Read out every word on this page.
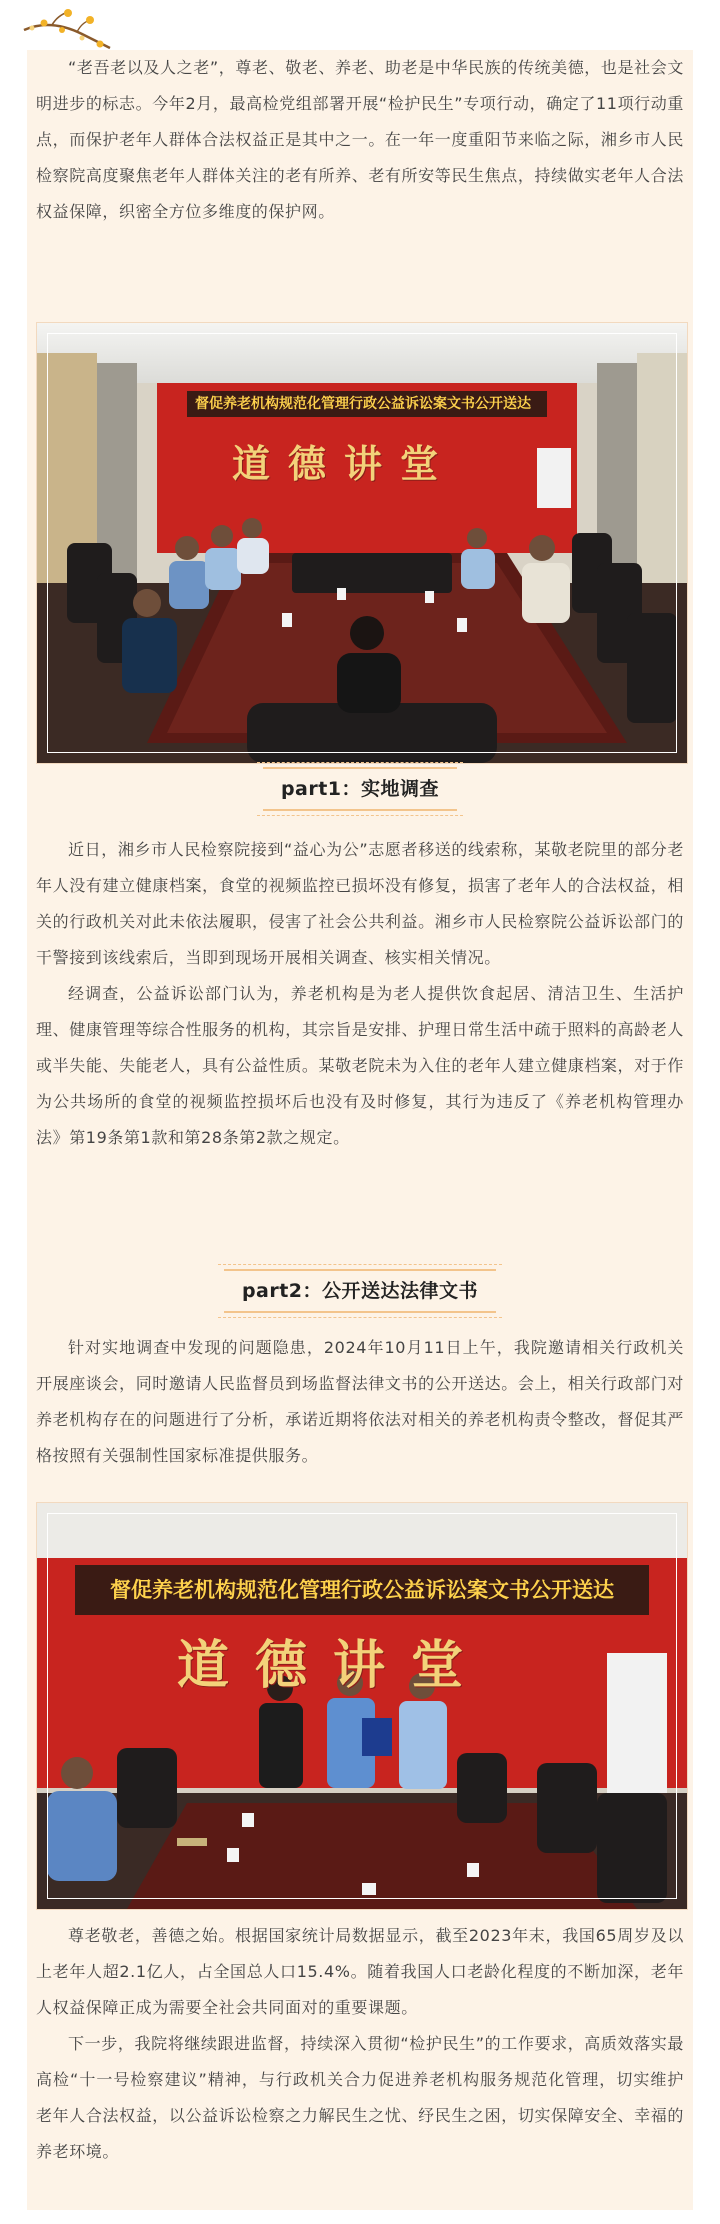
“老吾老以及人之老”，尊老、敬老、养老、助老是中华民族的传统美德，也是社会文明进步的标志。今年2月，最高检党组部署开展“检护民生”专项行动，确定了11项行动重点，而保护老年人群体合法权益正是其中之一。在一年一度重阳节来临之际，湘乡市人民检察院高度聚焦老年人群体关注的老有所养、老有所安等民生焦点，持续做实老年人合法权益保障，织密全方位多维度的保护网。

督促养老机构规范化管理行政公益诉讼案文书公开送达
道德讲堂
part1：实地调查

近日，湘乡市人民检察院接到“益心为公”志愿者移送的线索称，某敬老院里的部分老年人没有建立健康档案，食堂的视频监控已损坏没有修复，损害了老年人的合法权益，相关的行政机关对此未依法履职，侵害了社会公共利益。湘乡市人民检察院公益诉讼部门的干警接到该线索后，当即到现场开展相关调查、核实相关情况。

经调查，公益诉讼部门认为，养老机构是为老人提供饮食起居、清洁卫生、生活护理、健康管理等综合性服务的机构，其宗旨是安排、护理日常生活中疏于照料的高龄老人或半失能、失能老人，具有公益性质。某敬老院未为入住的老年人建立健康档案，对于作为公共场所的食堂的视频监控损坏后也没有及时修复，其行为违反了《养老机构管理办法》第19条第1款和第28条第2款之规定。

part2：公开送达法律文书

针对实地调查中发现的问题隐患，2024年10月11日上午，我院邀请相关行政机关开展座谈会，同时邀请人民监督员到场监督法律文书的公开送达。会上，相关行政部门对养老机构存在的问题进行了分析，承诺近期将依法对相关的养老机构责令整改，督促其严格按照有关强制性国家标准提供服务。

督促养老机构规范化管理行政公益诉讼案文书公开送达
道德讲堂

尊老敬老，善德之始。根据国家统计局数据显示，截至2023年末，我国65周岁及以上老年人超2.1亿人，占全国总人口15.4%。随着我国人口老龄化程度的不断加深，老年人权益保障正成为需要全社会共同面对的重要课题。

下一步，我院将继续跟进监督，持续深入贯彻“检护民生”的工作要求，高质效落实最高检“十一号检察建议”精神，与行政机关合力促进养老机构服务规范化管理，切实维护老年人合法权益，以公益诉讼检察之力解民生之忧、纾民生之困，切实保障安全、幸福的养老环境。
